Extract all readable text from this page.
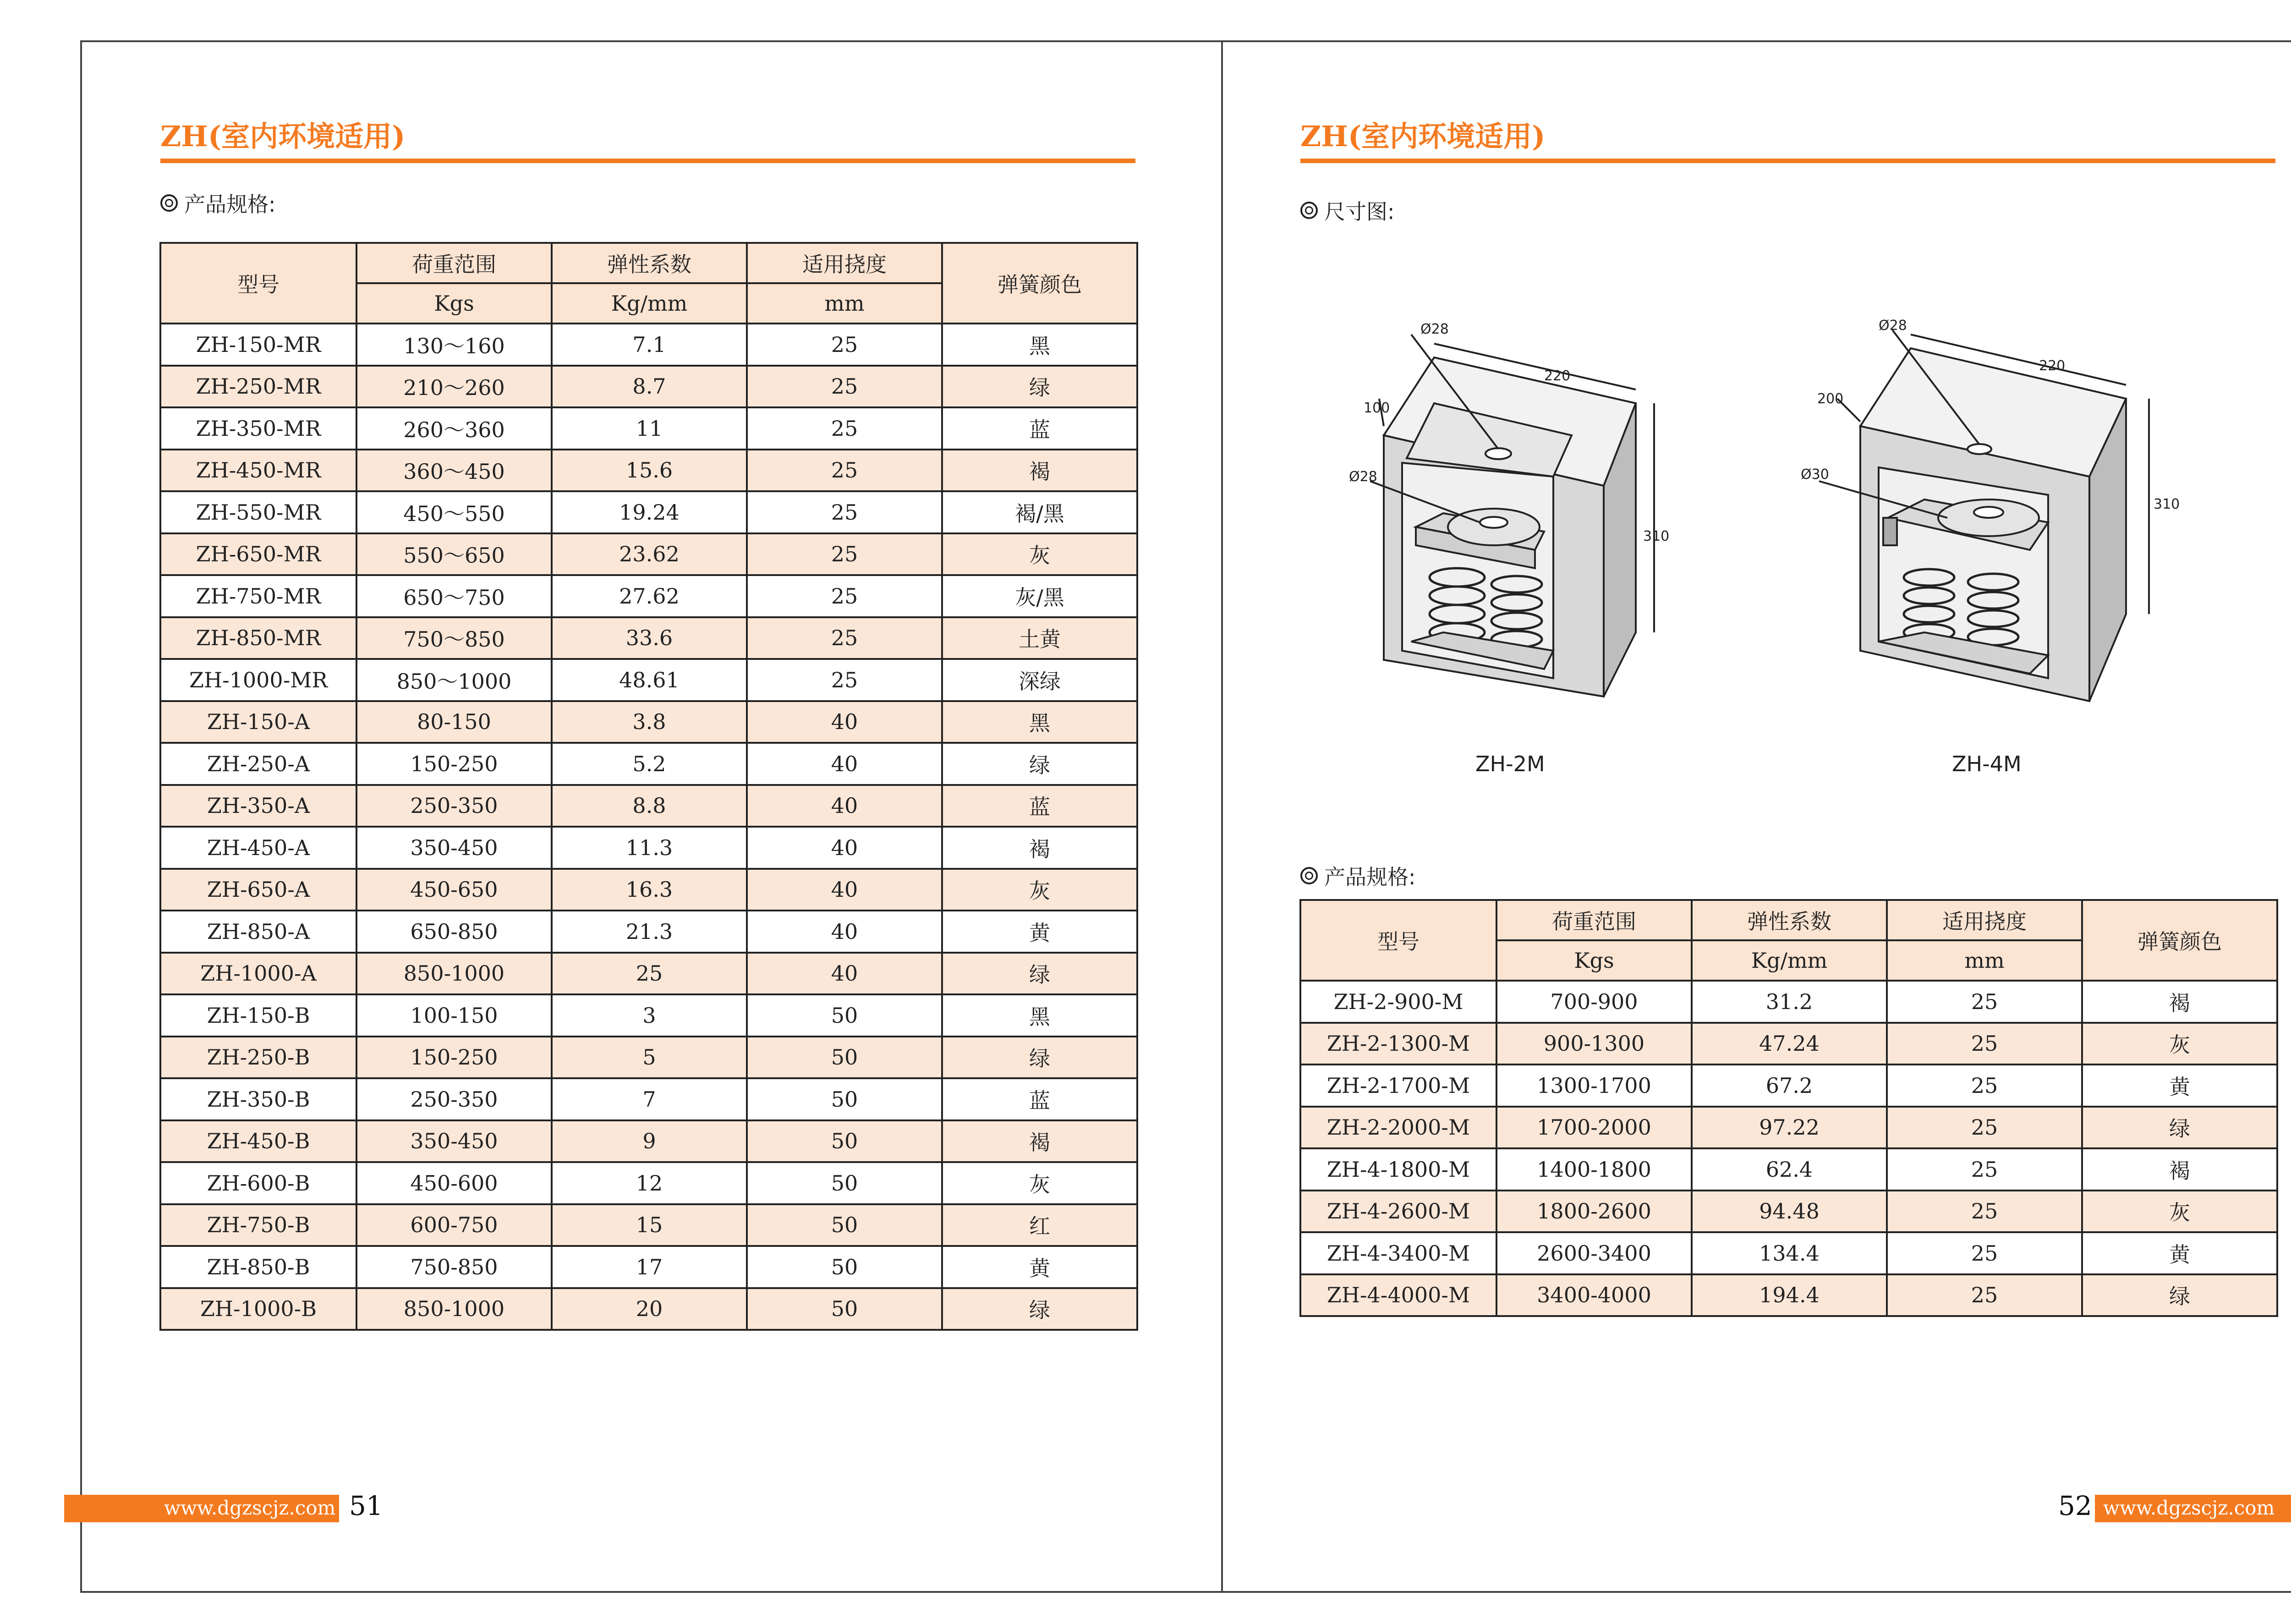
ZH(室内环境适用)
产品规格:
型号	荷重范围	弹性系数	适用挠度	弹簧颜色
	Kgs	Kg/mm	mm	
ZH-150-MR	130～160	7.1	25	黑
ZH-250-MR	210～260	8.7	25	绿
ZH-350-MR	260～360	11	25	蓝
ZH-450-MR	360～450	15.6	25	褐
ZH-550-MR	450～550	19.24	25	褐/黑
ZH-650-MR	550～650	23.62	25	灰
ZH-750-MR	650～750	27.62	25	灰/黑
ZH-850-MR	750～850	33.6	25	土黄
ZH-1000-MR	850～1000	48.61	25	深绿
ZH-150-A	80-150	3.8	40	黑
ZH-250-A	150-250	5.2	40	绿
ZH-350-A	250-350	8.8	40	蓝
ZH-450-A	350-450	11.3	40	褐
ZH-650-A	450-650	16.3	40	灰
ZH-850-A	650-850	21.3	40	黄
ZH-1000-A	850-1000	25	40	绿
ZH-150-B	100-150	3	50	黑
ZH-250-B	150-250	5	50	绿
ZH-350-B	250-350	7	50	蓝
ZH-450-B	350-450	9	50	褐
ZH-600-B	450-600	12	50	灰
ZH-750-B	600-750	15	50	红
ZH-850-B	750-850	17	50	黄
ZH-1000-B	850-1000	20	50	绿
www.dgzscjz.com 51
ZH(室内环境适用)
尺寸图:
Ø28
220
100
Ø28
310
ZH-2M
Ø28
220
200
Ø30
310
ZH-4M
产品规格:
型号	荷重范围	弹性系数	适用挠度	弹簧颜色
	Kgs	Kg/mm	mm	
ZH-2-900-M	700-900	31.2	25	褐
ZH-2-1300-M	900-1300	47.24	25	灰
ZH-2-1700-M	1300-1700	67.2	25	黄
ZH-2-2000-M	1700-2000	97.22	25	绿
ZH-4-1800-M	1400-1800	62.4	25	褐
ZH-4-2600-M	1800-2600	94.48	25	灰
ZH-4-3400-M	2600-3400	134.4	25	黄
ZH-4-4000-M	3400-4000	194.4	25	绿
52 www.dgzscjz.com
